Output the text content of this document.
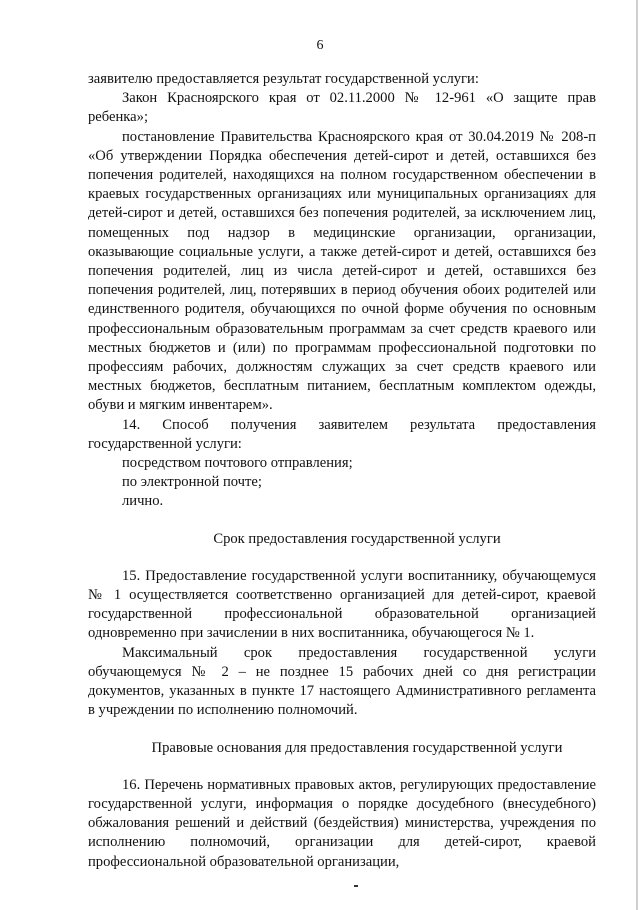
6

заявителю предоставляется результат государственной услуги:

Закон Красноярского края от 02.11.2000 № 12-961 «О защите прав ребенка»;

постановление Правительства Красноярского края от 30.04.2019 № 208-п «Об утверждении Порядка обеспечения детей-сирот и детей, оставшихся без попечения родителей, находящихся на полном государственном обеспечении в краевых государственных организациях или муниципальных организациях для детей-сирот и детей, оставшихся без попечения родителей, за исключением лиц, помещенных под надзор в медицинские организации, организации, оказывающие социальные услуги, а также детей-сирот и детей, оставшихся без попечения родителей, лиц из числа детей-сирот и детей, оставшихся без попечения родителей, лиц, потерявших в период обучения обоих родителей или единственного родителя, обучающихся по очной форме обучения по основным профессиональным образовательным программам за счет средств краевого или местных бюджетов и (или) по программам профессиональной подготовки по профессиям рабочих, должностям служащих за счет средств краевого или местных бюджетов, бесплатным питанием, бесплатным комплектом одежды, обуви и мягким инвентарем».

14. Способ получения заявителем результата предоставления государственной услуги:

посредством почтового отправления;

по электронной почте;

лично.

Срок предоставления государственной услуги

15. Предоставление государственной услуги воспитаннику, обучающемуся № 1 осуществляется соответственно организацией для детей-сирот, краевой государственной профессиональной образовательной организацией одновременно при зачислении в них воспитанника, обучающегося № 1.

Максимальный срок предоставления государственной услуги обучающемуся № 2 – не позднее 15 рабочих дней со дня регистрации документов, указанных в пункте 17 настоящего Административного регламента в учреждении по исполнению полномочий.

Правовые основания для предоставления государственной услуги

16. Перечень нормативных правовых актов, регулирующих предоставление государственной услуги, информация о порядке досудебного (внесудебного) обжалования решений и действий (бездействия) министерства, учреждения по исполнению полномочий, организации для детей-сирот, краевой профессиональной образовательной организации,
